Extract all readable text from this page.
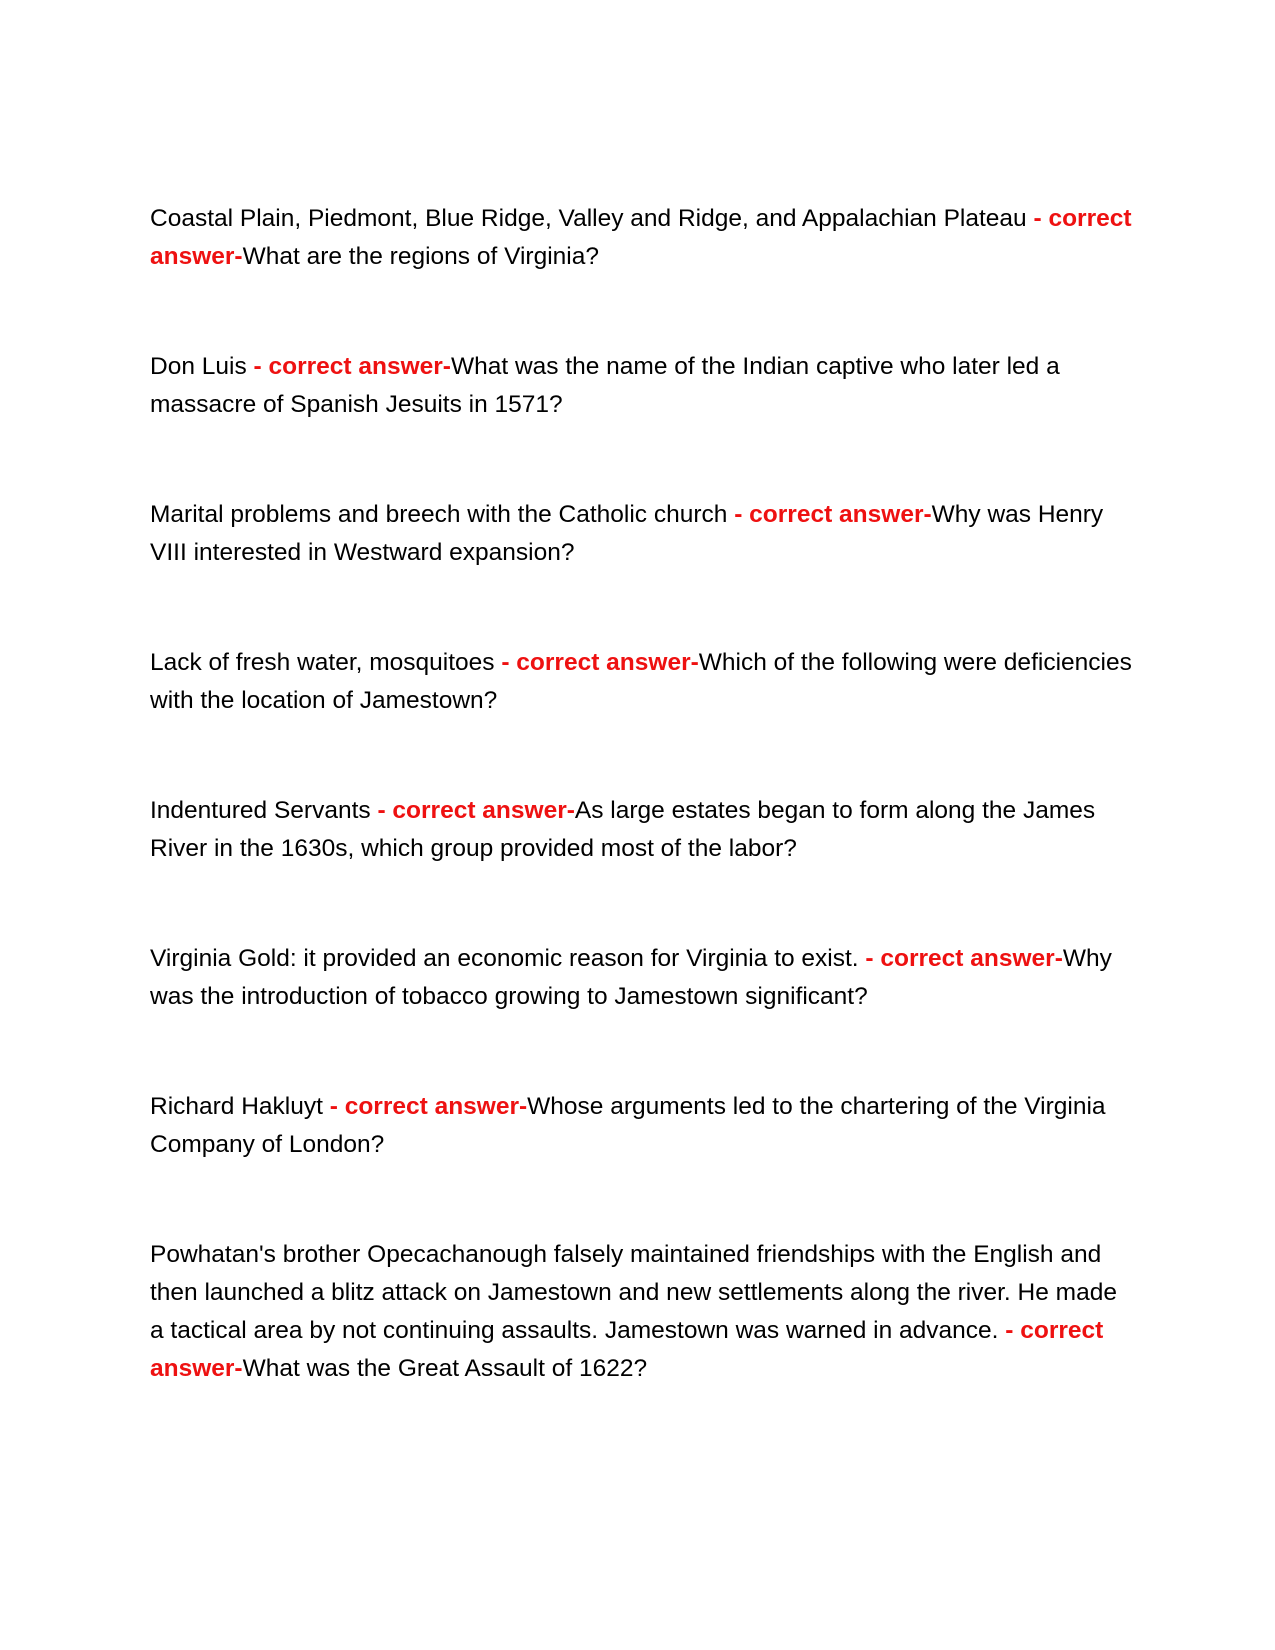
Coastal Plain, Piedmont, Blue Ridge, Valley and Ridge, and Appalachian Plateau - correct answer-What are the regions of Virginia?

Don Luis - correct answer-What was the name of the Indian captive who later led a massacre of Spanish Jesuits in 1571?

Marital problems and breech with the Catholic church - correct answer-Why was Henry VIII interested in Westward expansion?

Lack of fresh water, mosquitoes - correct answer-Which of the following were deficiencies with the location of Jamestown?

Indentured Servants - correct answer-As large estates began to form along the James River in the 1630s, which group provided most of the labor?

Virginia Gold: it provided an economic reason for Virginia to exist. - correct answer-Why was the introduction of tobacco growing to Jamestown significant?

Richard Hakluyt - correct answer-Whose arguments led to the chartering of the Virginia Company of London?

Powhatan's brother Opecachanough falsely maintained friendships with the English and then launched a blitz attack on Jamestown and new settlements along the river. He made a tactical area by not continuing assaults. Jamestown was warned in advance. - correct answer-What was the Great Assault of 1622?
